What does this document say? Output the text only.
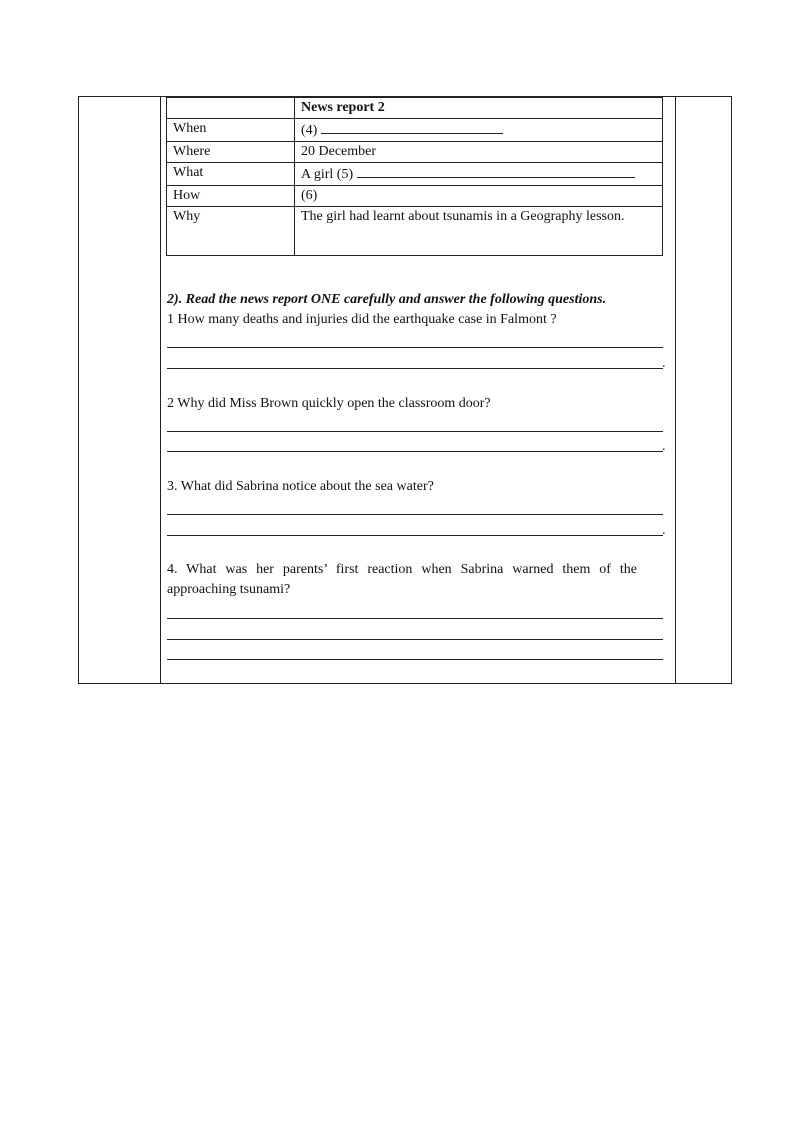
	News report 2
When	(4)
Where	20 December
What	A girl (5)
How	(6)
Why	The girl had learnt about tsunamis in a Geography lesson.
2). Read the news report ONE carefully and answer the following questions.
1 How many deaths and injuries did the earthquake case in Falmont ?
.
2 Why did Miss Brown quickly open the classroom door?
.
3. What did Sabrina notice about the sea water?
.
4. What was her parents’ first reaction when Sabrina warned them of the approaching tsunami?
